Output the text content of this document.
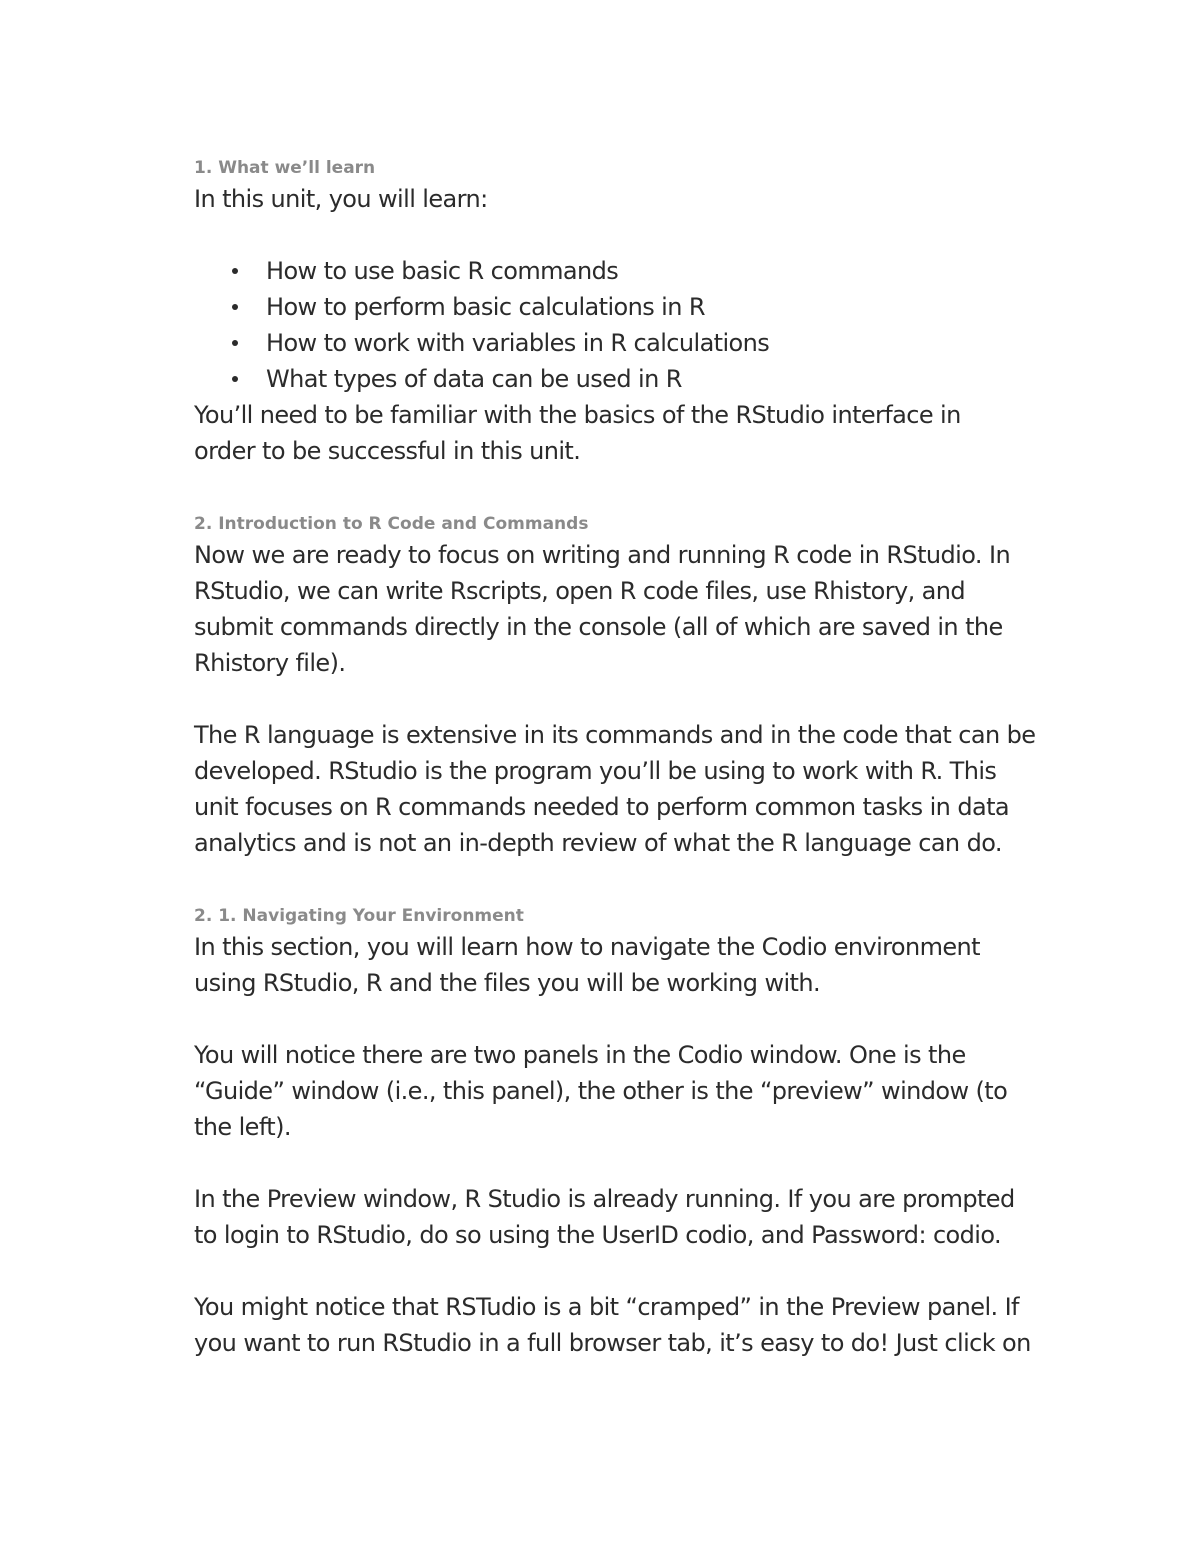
1. What we’ll learn

In this unit, you will learn:

How to use basic R commands
How to perform basic calculations in R
How to work with variables in R calculations
What types of data can be used in R

You’ll need to be familiar with the basics of the RStudio interface in

order to be successful in this unit.

2. Introduction to R Code and Commands

Now we are ready to focus on writing and running R code in RStudio. In

RStudio, we can write Rscripts, open R code files, use Rhistory, and

submit commands directly in the console (all of which are saved in the

Rhistory file).

The R language is extensive in its commands and in the code that can be

developed. RStudio is the program you’ll be using to work with R. This

unit focuses on R commands needed to perform common tasks in data

analytics and is not an in-depth review of what the R language can do.

2. 1. Navigating Your Environment

In this section, you will learn how to navigate the Codio environment

using RStudio, R and the files you will be working with.

You will notice there are two panels in the Codio window. One is the

“Guide” window (i.e., this panel), the other is the “preview” window (to

the left).

In the Preview window, R Studio is already running. If you are prompted

to login to RStudio, do so using the UserID codio, and Password: codio.

You might notice that RSTudio is a bit “cramped” in the Preview panel. If

you want to run RStudio in a full browser tab, it’s easy to do! Just click on
